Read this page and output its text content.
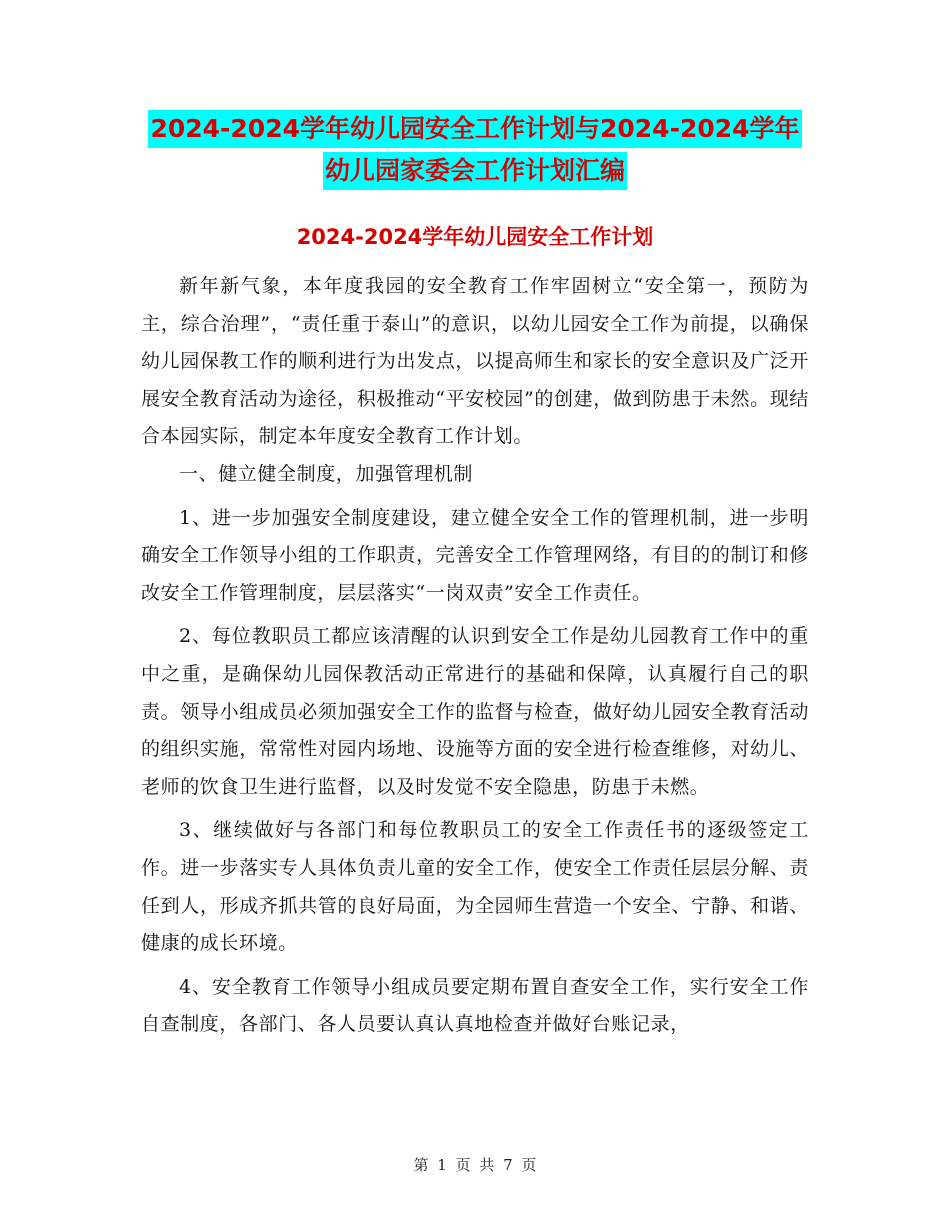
2024-2024学年幼儿园安全工作计划与2024-2024学年
幼儿园家委会工作计划汇编
2024-2024学年幼儿园安全工作计划

新年新气象，本年度我园的安全教育工作牢固树立“安全第一，预防为主，综合治理”，“责任重于泰山”的意识，以幼儿园安全工作为前提，以确保幼儿园保教工作的顺利进行为出发点，以提高师生和家长的安全意识及广泛开展安全教育活动为途径，积极推动“平安校园”的创建，做到防患于未然。现结合本园实际，制定本年度安全教育工作计划。

一、健立健全制度，加强管理机制

1、进一步加强安全制度建设，建立健全安全工作的管理机制，进一步明确安全工作领导小组的工作职责，完善安全工作管理网络，有目的的制订和修改安全工作管理制度，层层落实“一岗双责”安全工作责任。

2、每位教职员工都应该清醒的认识到安全工作是幼儿园教育工作中的重中之重，是确保幼儿园保教活动正常进行的基础和保障，认真履行自己的职责。领导小组成员必须加强安全工作的监督与检查，做好幼儿园安全教育活动的组织实施，常常性对园内场地、设施等方面的安全进行检查维修，对幼儿、老师的饮食卫生进行监督，以及时发觉不安全隐患，防患于未燃。

3、继续做好与各部门和每位教职员工的安全工作责任书的逐级签定工作。进一步落实专人具体负责儿童的安全工作，使安全工作责任层层分解、责任到人，形成齐抓共管的良好局面，为全园师生营造一个安全、宁静、和谐、健康的成长环境。

4、安全教育工作领导小组成员要定期布置自查安全工作，实行安全工作自查制度，各部门、各人员要认真认真地检查并做好台账记录，

第 1 页 共 7 页
